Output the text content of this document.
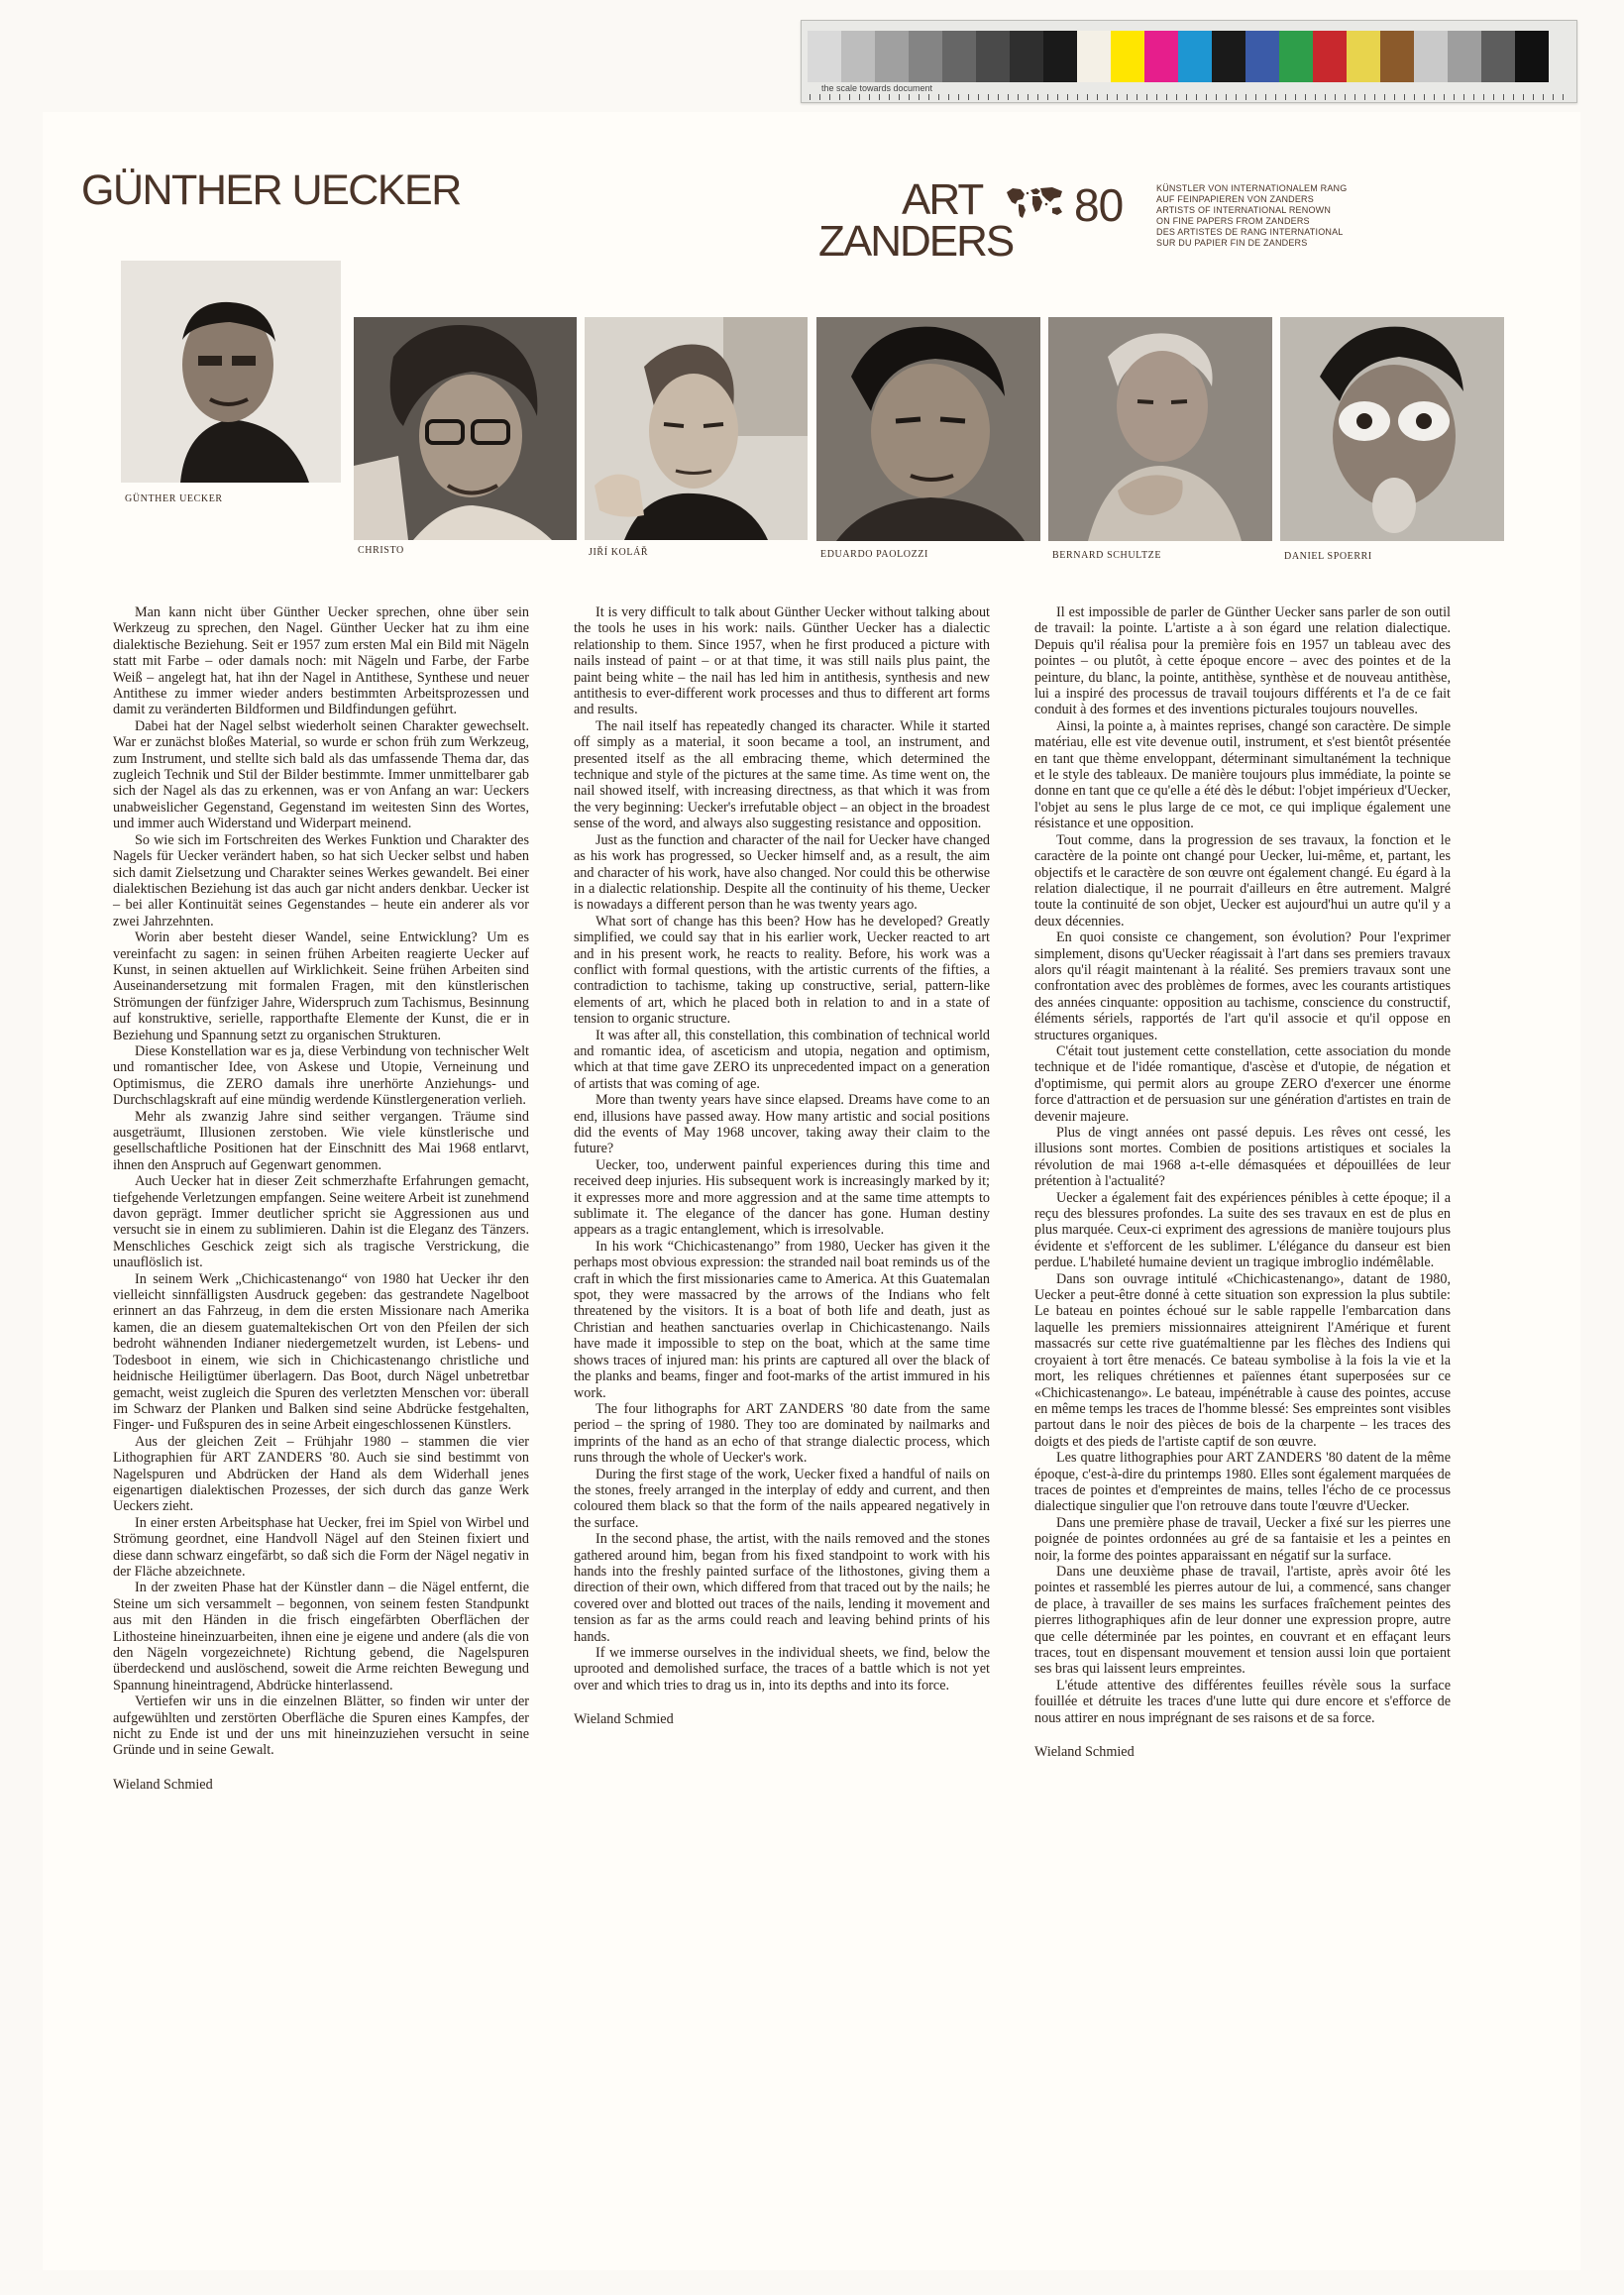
the scale towards document
GÜNTHER UECKER	ART 80
ZANDERS
KÜNSTLER VON INTERNATIONALEM RANG
AUF FEINPAPIEREN VON ZANDERS
ARTISTS OF INTERNATIONAL RENOWN
ON FINE PAPERS FROM ZANDERS
DES ARTISTES DE RANG INTERNATIONAL
SUR DU PAPIER FIN DE ZANDERS
GÜNTHER UECKER
CHRISTO	JIŘÍ KOLÁŘ	EDUARDO PAOLOZZI	BERNARD SCHULTZE	DANIEL SPOERRI

Man kann nicht über Günther Uecker sprechen, ohne über sein Werkzeug zu sprechen, den Nagel. Günther Uecker hat zu ihm eine dialektische Beziehung. Seit er 1957 zum ersten Mal ein Bild mit Nägeln statt mit Farbe – oder damals noch: mit Nägeln und Farbe, der Farbe Weiß – angelegt hat, hat ihn der Nagel in Antithese, Synthese und neuer Antithese zu immer wieder anders bestimmten Arbeitsprozessen und damit zu veränderten Bildformen und Bildfindungen geführt.

Dabei hat der Nagel selbst wiederholt seinen Charakter gewechselt. War er zunächst bloßes Material, so wurde er schon früh zum Werkzeug, zum Instrument, und stellte sich bald als das umfassende Thema dar, das zugleich Technik und Stil der Bilder bestimmte. Immer unmittelbarer gab sich der Nagel als das zu erkennen, was er von Anfang an war: Ueckers unabweislicher Gegenstand, Gegenstand im weitesten Sinn des Wortes, und immer auch Widerstand und Widerpart meinend.

So wie sich im Fortschreiten des Werkes Funktion und Charakter des Nagels für Uecker verändert haben, so hat sich Uecker selbst und haben sich damit Zielsetzung und Charakter seines Werkes gewandelt. Bei einer dialektischen Beziehung ist das auch gar nicht anders denkbar. Uecker ist – bei aller Kontinuität seines Gegenstandes – heute ein anderer als vor zwei Jahrzehnten.

Worin aber besteht dieser Wandel, seine Entwicklung? Um es vereinfacht zu sagen: in seinen frühen Arbeiten reagierte Uecker auf Kunst, in seinen aktuellen auf Wirklichkeit. Seine frühen Arbeiten sind Auseinandersetzung mit formalen Fragen, mit den künstlerischen Strömungen der fünfziger Jahre, Widerspruch zum Tachismus, Besinnung auf konstruktive, serielle, rapporthafte Elemente der Kunst, die er in Beziehung und Spannung setzt zu organischen Strukturen.

Diese Konstellation war es ja, diese Verbindung von technischer Welt und romantischer Idee, von Askese und Utopie, Verneinung und Optimismus, die ZERO damals ihre unerhörte Anziehungs- und Durchschlagskraft auf eine mündig werdende Künstlergeneration verlieh.

Mehr als zwanzig Jahre sind seither vergangen. Träume sind ausgeträumt, Illusionen zerstoben. Wie viele künstlerische und gesellschaftliche Positionen hat der Einschnitt des Mai 1968 entlarvt, ihnen den Anspruch auf Gegenwart genommen.

Auch Uecker hat in dieser Zeit schmerzhafte Erfahrungen gemacht, tiefgehende Verletzungen empfangen. Seine weitere Arbeit ist zunehmend davon geprägt. Immer deutlicher spricht sie Aggressionen aus und versucht sie in einem zu sublimieren. Dahin ist die Eleganz des Tänzers. Menschliches Geschick zeigt sich als tragische Verstrickung, die unauflöslich ist.

In seinem Werk „Chichicastenango“ von 1980 hat Uecker ihr den vielleicht sinnfälligsten Ausdruck gegeben: das gestrandete Nagelboot erinnert an das Fahrzeug, in dem die ersten Missionare nach Amerika kamen, die an diesem guatemaltekischen Ort von den Pfeilen der sich bedroht wähnenden Indianer niedergemetzelt wurden, ist Lebens- und Todesboot in einem, wie sich in Chichicastenango christliche und heidnische Heiligtümer überlagern. Das Boot, durch Nägel unbetretbar gemacht, weist zugleich die Spuren des verletzten Menschen vor: überall im Schwarz der Planken und Balken sind seine Abdrücke festgehalten, Finger- und Fußspuren des in seine Arbeit eingeschlossenen Künstlers.

Aus der gleichen Zeit – Frühjahr 1980 – stammen die vier Lithographien für ART ZANDERS '80. Auch sie sind bestimmt von Nagelspuren und Abdrücken der Hand als dem Widerhall jenes eigenartigen dialektischen Prozesses, der sich durch das ganze Werk Ueckers zieht.

In einer ersten Arbeitsphase hat Uecker, frei im Spiel von Wirbel und Strömung geordnet, eine Handvoll Nägel auf den Steinen fixiert und diese dann schwarz eingefärbt, so daß sich die Form der Nägel negativ in der Fläche abzeichnete.

In der zweiten Phase hat der Künstler dann – die Nägel entfernt, die Steine um sich versammelt – begonnen, von seinem festen Standpunkt aus mit den Händen in die frisch eingefärbten Oberflächen der Lithosteine hineinzuarbeiten, ihnen eine je eigene und andere (als die von den Nägeln vorgezeichnete) Richtung gebend, die Nagelspuren überdeckend und auslöschend, soweit die Arme reichten Bewegung und Spannung hineintragend, Abdrücke hinterlassend.

Vertiefen wir uns in die einzelnen Blätter, so finden wir unter der aufgewühlten und zerstörten Oberfläche die Spuren eines Kampfes, der nicht zu Ende ist und der uns mit hineinzuziehen versucht in seine Gründe und in seine Gewalt.

Wieland Schmied

It is very difficult to talk about Günther Uecker without talking about the tools he uses in his work: nails. Günther Uecker has a dialectic relationship to them. Since 1957, when he first produced a picture with nails instead of paint – or at that time, it was still nails plus paint, the paint being white – the nail has led him in antithesis, synthesis and new antithesis to ever-different work processes and thus to different art forms and results.

The nail itself has repeatedly changed its character. While it started off simply as a material, it soon became a tool, an instrument, and presented itself as the all embracing theme, which determined the technique and style of the pictures at the same time. As time went on, the nail showed itself, with increasing directness, as that which it was from the very beginning: Uecker's irrefutable object – an object in the broadest sense of the word, and always also suggesting resistance and opposition.

Just as the function and character of the nail for Uecker have changed as his work has progressed, so Uecker himself and, as a result, the aim and character of his work, have also changed. Nor could this be otherwise in a dialectic relationship. Despite all the continuity of his theme, Uecker is nowadays a different person than he was twenty years ago.

What sort of change has this been? How has he developed? Greatly simplified, we could say that in his earlier work, Uecker reacted to art and in his present work, he reacts to reality. Before, his work was a conflict with formal questions, with the artistic currents of the fifties, a contradiction to tachisme, taking up constructive, serial, pattern-like elements of art, which he placed both in relation to and in a state of tension to organic structure.

It was after all, this constellation, this combination of technical world and romantic idea, of asceticism and utopia, negation and optimism, which at that time gave ZERO its unprecedented impact on a generation of artists that was coming of age.

More than twenty years have since elapsed. Dreams have come to an end, illusions have passed away. How many artistic and social positions did the events of May 1968 uncover, taking away their claim to the future?

Uecker, too, underwent painful experiences during this time and received deep injuries. His subsequent work is increasingly marked by it; it expresses more and more aggression and at the same time attempts to sublimate it. The elegance of the dancer has gone. Human destiny appears as a tragic entanglement, which is irresolvable.

In his work “Chichicastenango” from 1980, Uecker has given it the perhaps most obvious expression: the stranded nail boat reminds us of the craft in which the first missionaries came to America. At this Guatemalan spot, they were massacred by the arrows of the Indians who felt threatened by the visitors. It is a boat of both life and death, just as Christian and heathen sanctuaries overlap in Chichicastenango. Nails have made it impossible to step on the boat, which at the same time shows traces of injured man: his prints are captured all over the black of the planks and beams, finger and foot-marks of the artist immured in his work.

The four lithographs for ART ZANDERS '80 date from the same period – the spring of 1980. They too are dominated by nailmarks and imprints of the hand as an echo of that strange dialectic process, which runs through the whole of Uecker's work.

During the first stage of the work, Uecker fixed a handful of nails on the stones, freely arranged in the interplay of eddy and current, and then coloured them black so that the form of the nails appeared negatively in the surface.

In the second phase, the artist, with the nails removed and the stones gathered around him, began from his fixed standpoint to work with his hands into the freshly painted surface of the lithostones, giving them a direction of their own, which differed from that traced out by the nails; he covered over and blotted out traces of the nails, lending it movement and tension as far as the arms could reach and leaving behind prints of his hands.

If we immerse ourselves in the individual sheets, we find, below the uprooted and demolished surface, the traces of a battle which is not yet over and which tries to drag us in, into its depths and into its force.

Wieland Schmied

Il est impossible de parler de Günther Uecker sans parler de son outil de travail: la pointe. L'artiste a à son égard une relation dialectique. Depuis qu'il réalisa pour la première fois en 1957 un tableau avec des pointes – ou plutôt, à cette époque encore – avec des pointes et de la peinture, du blanc, la pointe, antithèse, synthèse et de nouveau antithèse, lui a inspiré des processus de travail toujours différents et l'a de ce fait conduit à des formes et des inventions picturales toujours nouvelles.

Ainsi, la pointe a, à maintes reprises, changé son caractère. De simple matériau, elle est vite devenue outil, instrument, et s'est bientôt présentée en tant que thème enveloppant, déterminant simultanément la technique et le style des tableaux. De manière toujours plus immédiate, la pointe se donne en tant que ce qu'elle a été dès le début: l'objet impérieux d'Uecker, l'objet au sens le plus large de ce mot, ce qui implique également une résistance et une opposition.

Tout comme, dans la progression de ses travaux, la fonction et le caractère de la pointe ont changé pour Uecker, lui-même, et, partant, les objectifs et le caractère de son œuvre ont également changé. Eu égard à la relation dialectique, il ne pourrait d'ailleurs en être autrement. Malgré toute la continuité de son objet, Uecker est aujourd'hui un autre qu'il y a deux décennies.

En quoi consiste ce changement, son évolution? Pour l'exprimer simplement, disons qu'Uecker réagissait à l'art dans ses premiers travaux alors qu'il réagit maintenant à la réalité. Ses premiers travaux sont une confrontation avec des problèmes de formes, avec les courants artistiques des années cinquante: opposition au tachisme, conscience du constructif, éléments sériels, rapportés de l'art qu'il associe et qu'il oppose en structures organiques.

C'était tout justement cette constellation, cette association du monde technique et de l'idée romantique, d'ascèse et d'utopie, de négation et d'optimisme, qui permit alors au groupe ZERO d'exercer une énorme force d'attraction et de persuasion sur une génération d'artistes en train de devenir majeure.

Plus de vingt années ont passé depuis. Les rêves ont cessé, les illusions sont mortes. Combien de positions artistiques et sociales la révolution de mai 1968 a-t-elle démasquées et dépouillées de leur prétention à l'actualité?

Uecker a également fait des expériences pénibles à cette époque; il a reçu des blessures profondes. La suite des ses travaux en est de plus en plus marquée. Ceux-ci expriment des agressions de manière toujours plus évidente et s'efforcent de les sublimer. L'élégance du danseur est bien perdue. L'habileté humaine devient un tragique imbroglio indémêlable.

Dans son ouvrage intitulé «Chichicastenango», datant de 1980, Uecker a peut-être donné à cette situation son expression la plus subtile: Le bateau en pointes échoué sur le sable rappelle l'embarcation dans laquelle les premiers missionnaires atteignirent l'Amérique et furent massacrés sur cette rive guatémaltienne par les flèches des Indiens qui croyaient à tort être menacés. Ce bateau symbolise à la fois la vie et la mort, les reliques chrétiennes et païennes étant superposées sur ce «Chichicastenango». Le bateau, impénétrable à cause des pointes, accuse en même temps les traces de l'homme blessé: Ses empreintes sont visibles partout dans le noir des pièces de bois de la charpente – les traces des doigts et des pieds de l'artiste captif de son œuvre.

Les quatre lithographies pour ART ZANDERS '80 datent de la même époque, c'est-à-dire du printemps 1980. Elles sont également marquées de traces de pointes et d'empreintes de mains, telles l'écho de ce processus dialectique singulier que l'on retrouve dans toute l'œuvre d'Uecker.

Dans une première phase de travail, Uecker a fixé sur les pierres une poignée de pointes ordonnées au gré de sa fantaisie et les a peintes en noir, la forme des pointes apparaissant en négatif sur la surface.

Dans une deuxième phase de travail, l'artiste, après avoir ôté les pointes et rassemblé les pierres autour de lui, a commencé, sans changer de place, à travailler de ses mains les surfaces fraîchement peintes des pierres lithographiques afin de leur donner une expression propre, autre que celle déterminée par les pointes, en couvrant et en effaçant leurs traces, tout en dispensant mouvement et tension aussi loin que portaient ses bras qui laissent leurs empreintes.

L'étude attentive des différentes feuilles révèle sous la surface fouillée et détruite les traces d'une lutte qui dure encore et s'efforce de nous attirer en nous imprégnant de ses raisons et de sa force.

Wieland Schmied
